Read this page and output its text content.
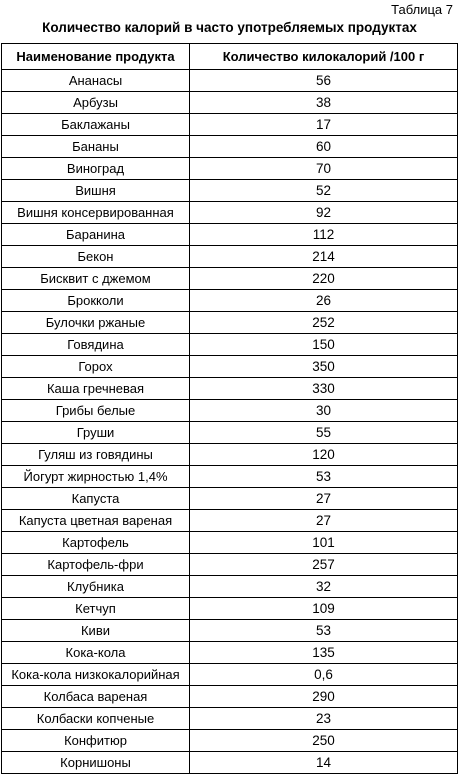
Таблица 7
Количество калорий в часто употребляемых продуктах
Наименование продукта	Количество килокалорий /100 г
Ананасы	56
Арбузы	38
Баклажаны	17
Бананы	60
Виноград	70
Вишня	52
Вишня консервированная	92
Баранина	112
Бекон	214
Бисквит с джемом	220
Брокколи	26
Булочки ржаные	252
Говядина	150
Горох	350
Каша гречневая	330
Грибы белые	30
Груши	55
Гуляш из говядины	120
Йогурт жирностью 1,4%	53
Капуста	27
Капуста цветная вареная	27
Картофель	101
Картофель-фри	257
Клубника	32
Кетчуп	109
Киви	53
Кока-кола	135
Кока-кола низкокалорийная	0,6
Колбаса вареная	290
Колбаски копченые	23
Конфитюр	250
Корнишоны	14
